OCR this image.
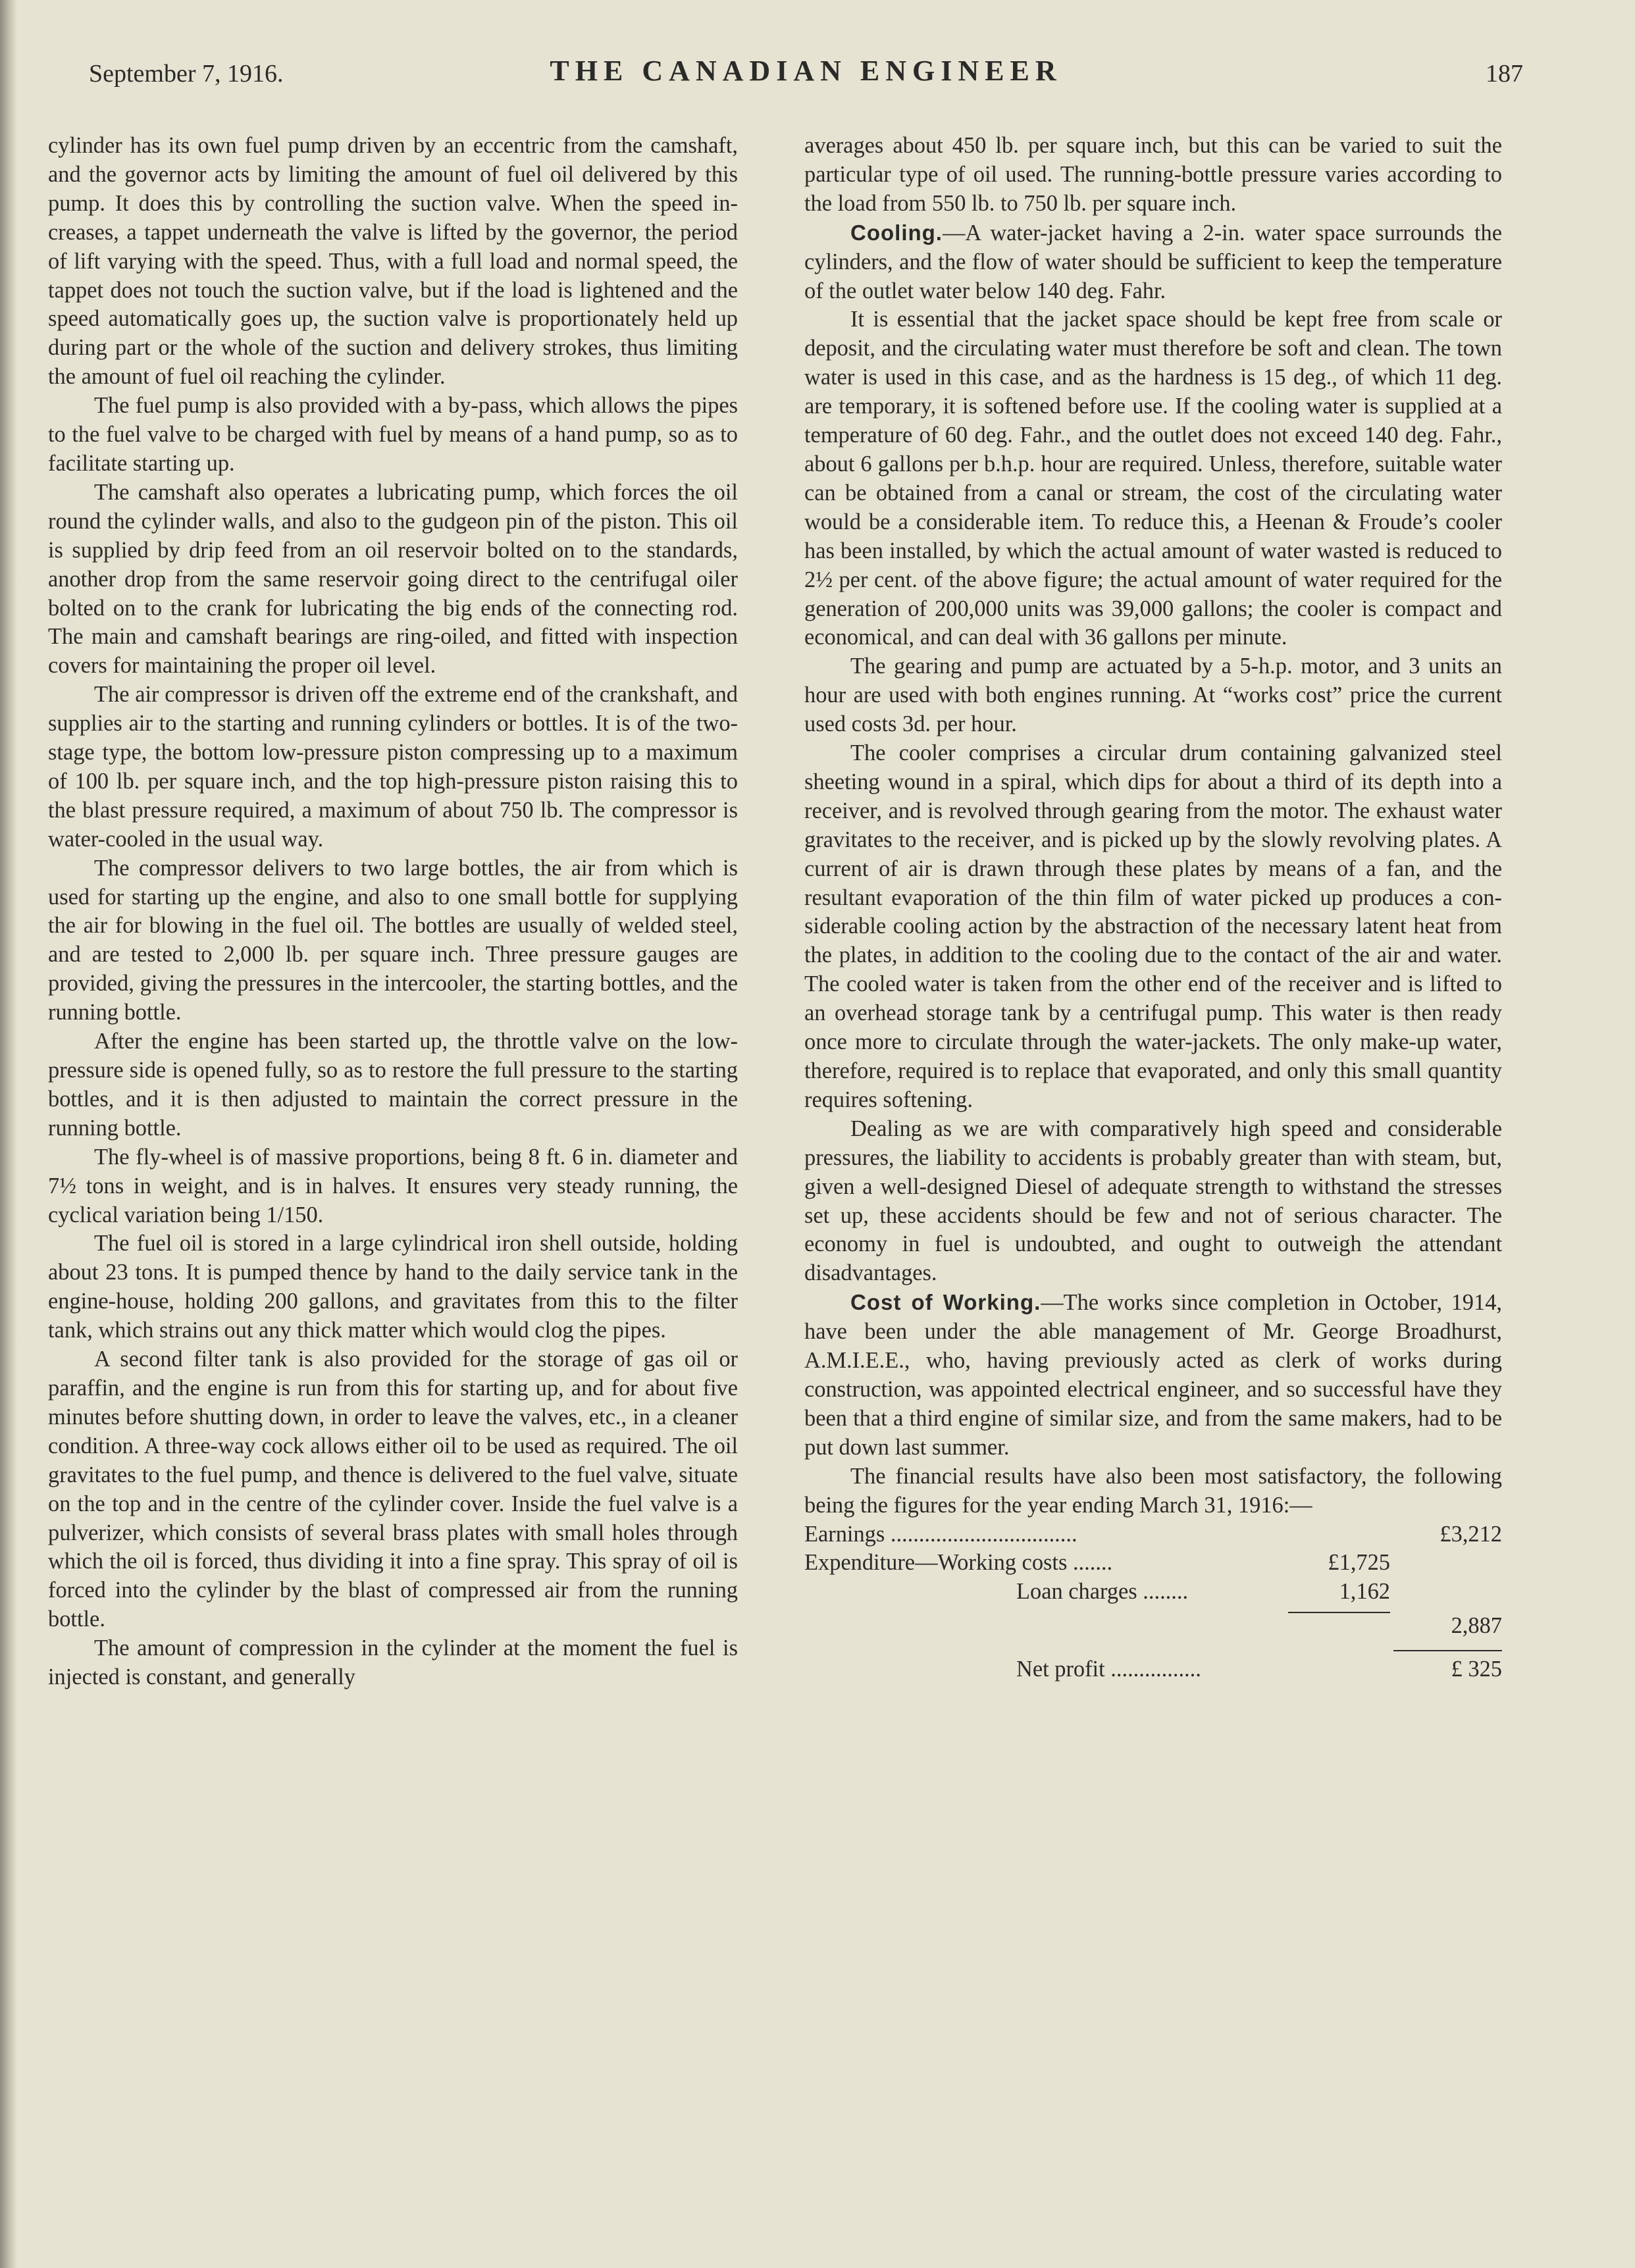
September 7, 1916.	THE CANADIAN ENGINEER	187

cylinder has its own fuel pump driven by an eccentric from the camshaft, and the governor acts by limiting the amount of fuel oil delivered by this pump. It does this by controlling the suction valve. When the speed increases, a tappet underneath the valve is lifted by the governor, the period of lift varying with the speed. Thus, with a full load and normal speed, the tappet does not touch the suction valve, but if the load is lightened and the speed automatically goes up, the suction valve is proportionately held up during part or the whole of the suction and delivery strokes, thus limiting the amount of fuel oil reaching the cylinder.

The fuel pump is also provided with a by-pass, which allows the pipes to the fuel valve to be charged with fuel by means of a hand pump, so as to facilitate starting up.

The camshaft also operates a lubricating pump, which forces the oil round the cylinder walls, and also to the gudgeon pin of the piston. This oil is supplied by drip feed from an oil reservoir bolted on to the standards, another drop from the same reservoir going direct to the centrifugal oiler bolted on to the crank for lubricating the big ends of the connecting rod. The main and camshaft bearings are ring-oiled, and fitted with inspection covers for maintaining the proper oil level.

The air compressor is driven off the extreme end of the crankshaft, and supplies air to the starting and running cylinders or bottles. It is of the two-stage type, the bottom low-pressure piston compressing up to a maximum of 100 lb. per square inch, and the top high-pressure piston raising this to the blast pressure required, a maximum of about 750 lb. The compressor is water-cooled in the usual way.

The compressor delivers to two large bottles, the air from which is used for starting up the engine, and also to one small bottle for supplying the air for blowing in the fuel oil. The bottles are usually of welded steel, and are tested to 2,000 lb. per square inch. Three pressure gauges are provided, giving the pressures in the intercooler, the starting bottles, and the running bottle.

After the engine has been started up, the throttle valve on the low-pressure side is opened fully, so as to restore the full pressure to the starting bottles, and it is then adjusted to maintain the correct pressure in the running bottle.

The fly-wheel is of massive proportions, being 8 ft. 6 in. diameter and 7½ tons in weight, and is in halves. It ensures very steady running, the cyclical variation being 1/150.

The fuel oil is stored in a large cylindrical iron shell outside, holding about 23 tons. It is pumped thence by hand to the daily service tank in the engine-house, holding 200 gallons, and gravitates from this to the filter tank, which strains out any thick matter which would clog the pipes.

A second filter tank is also provided for the storage of gas oil or paraffin, and the engine is run from this for starting up, and for about five minutes before shutting down, in order to leave the valves, etc., in a cleaner condition. A three-way cock allows either oil to be used as required. The oil gravitates to the fuel pump, and thence is delivered to the fuel valve, situate on the top and in the centre of the cylinder cover. Inside the fuel valve is a pulverizer, which consists of several brass plates with small holes through which the oil is forced, thus dividing it into a fine spray. This spray of oil is forced into the cylinder by the blast of compressed air from the running bottle.

The amount of compression in the cylinder at the moment the fuel is injected is constant, and generally

averages about 450 lb. per square inch, but this can be varied to suit the particular type of oil used. The running-bottle pressure varies according to the load from 550 lb. to 750 lb. per square inch.

Cooling.—A water-jacket having a 2-in. water space surrounds the cylinders, and the flow of water should be sufficient to keep the temperature of the outlet water below 140 deg. Fahr.

It is essential that the jacket space should be kept free from scale or deposit, and the circulating water must therefore be soft and clean. The town water is used in this case, and as the hardness is 15 deg., of which 11 deg. are temporary, it is softened before use. If the cooling water is supplied at a temperature of 60 deg. Fahr., and the outlet does not exceed 140 deg. Fahr., about 6 gallons per b.h.p. hour are required. Unless, therefore, suitable water can be obtained from a canal or stream, the cost of the circulating water would be a considerable item. To reduce this, a Heenan & Froude’s cooler has been installed, by which the actual amount of water wasted is reduced to 2½ per cent. of the above figure; the actual amount of water required for the generation of 200,000 units was 39,000 gallons; the cooler is compact and economical, and can deal with 36 gallons per minute.

The gearing and pump are actuated by a 5-h.p. motor, and 3 units an hour are used with both engines running. At “works cost” price the current used costs 3d. per hour.

The cooler comprises a circular drum containing galvanized steel sheeting wound in a spiral, which dips for about a third of its depth into a receiver, and is revolved through gearing from the motor. The exhaust water gravitates to the receiver, and is picked up by the slowly revolving plates. A current of air is drawn through these plates by means of a fan, and the resultant evaporation of the thin film of water picked up produces a considerable cooling action by the abstraction of the necessary latent heat from the plates, in addition to the cooling due to the contact of the air and water. The cooled water is taken from the other end of the receiver and is lifted to an overhead storage tank by a centrifugal pump. This water is then ready once more to circulate through the water-jackets. The only make-up water, therefore, required is to replace that evaporated, and only this small quantity requires softening.

Dealing as we are with comparatively high speed and considerable pressures, the liability to accidents is probably greater than with steam, but, given a well-designed Diesel of adequate strength to withstand the stresses set up, these accidents should be few and not of serious character. The economy in fuel is undoubted, and ought to outweigh the attendant disadvantages.

Cost of Working.—The works since completion in October, 1914, have been under the able management of Mr. George Broadhurst, A.M.I.E.E., who, having previously acted as clerk of works during construction, was appointed electrical engineer, and so successful have they been that a third engine of similar size, and from the same makers, had to be put down last summer.

The financial results have also been most satisfactory, the following being the figures for the year ending March 31, 1916:—

Earnings .................................	£3,212
Expenditure—Working costs .......	£1,725
Loan charges ........	1,162
2,887
Net profit ................	£ 325
